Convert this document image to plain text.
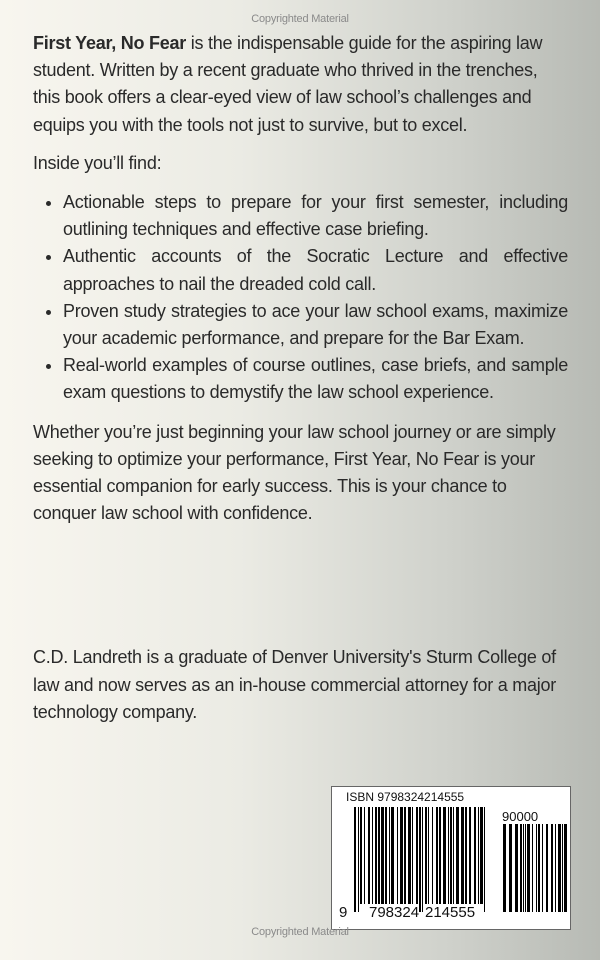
Copyrighted Material

First Year, No Fear is the indispensable guide for the aspiring law student. Written by a recent graduate who thrived in the trenches, this book offers a clear-eyed view of law school’s challenges and equips you with the tools not just to survive, but to excel.

Inside you’ll find:

• Actionable steps to prepare for your first semester, including outlining techniques and effective case briefing.
• Authentic accounts of the Socratic Lecture and effective approaches to nail the dreaded cold call.
• Proven study strategies to ace your law school exams, maximize your academic performance, and prepare for the Bar Exam.
• Real-world examples of course outlines, case briefs, and sample exam questions to demystify the law school experience.

Whether you’re just beginning your law school journey or are simply seeking to optimize your performance, First Year, No Fear is your essential companion for early success. This is your chance to conquer law school with confidence.

C.D. Landreth is a graduate of Denver University's Sturm College of law and now serves as an in-house commercial attorney for a major technology company.

ISBN 9798324214555
90000
9 798324 214555
Copyrighted Material
